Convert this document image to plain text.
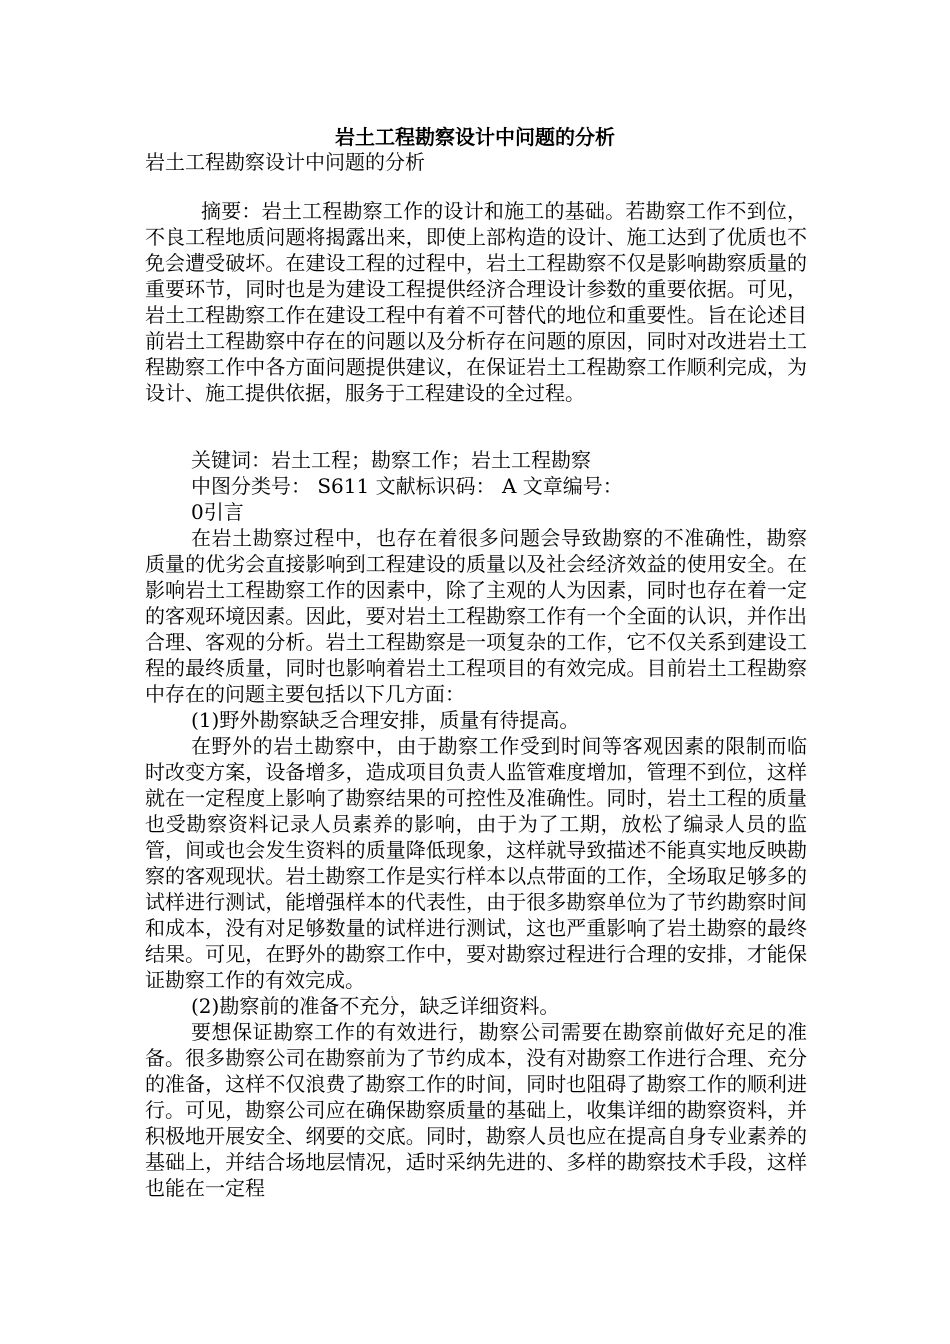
岩土工程勘察设计中问题的分析
岩土工程勘察设计中问题的分析
摘要：岩土工程勘察工作的设计和施工的基础。若勘察工作不到位，不良工程地质问题将揭露出来，即使上部构造的设计、施工达到了优质也不免会遭受破坏。在建设工程的过程中，岩土工程勘察不仅是影响勘察质量的重要环节，同时也是为建设工程提供经济合理设计参数的重要依据。可见，岩土工程勘察工作在建设工程中有着不可替代的地位和重要性。旨在论述目前岩土工程勘察中存在的问题以及分析存在问题的原因，同时对改进岩土工程勘察工作中各方面问题提供建议，在保证岩土工程勘察工作顺利完成，为设计、施工提供依据，服务于工程建设的全过程。

关键词：岩土工程；勘察工作；岩土工程勘察

中图分类号： S611 文献标识码： A 文章编号：

0引言

在岩土勘察过程中，也存在着很多问题会导致勘察的不准确性，勘察质量的优劣会直接影响到工程建设的质量以及社会经济效益的使用安全。在影响岩土工程勘察工作的因素中，除了主观的人为因素，同时也存在着一定的客观环境因素。因此，要对岩土工程勘察工作有一个全面的认识，并作出合理、客观的分析。岩土工程勘察是一项复杂的工作，它不仅关系到建设工程的最终质量，同时也影响着岩土工程项目的有效完成。目前岩土工程勘察中存在的问题主要包括以下几方面：

(1)野外勘察缺乏合理安排，质量有待提高。

在野外的岩土勘察中，由于勘察工作受到时间等客观因素的限制而临时改变方案，设备增多，造成项目负责人监管难度增加，管理不到位，这样就在一定程度上影响了勘察结果的可控性及准确性。同时，岩土工程的质量也受勘察资料记录人员素养的影响，由于为了工期，放松了编录人员的监管，间或也会发生资料的质量降低现象，这样就导致描述不能真实地反映勘察的客观现状。岩土勘察工作是实行样本以点带面的工作，全场取足够多的试样进行测试，能增强样本的代表性，由于很多勘察单位为了节约勘察时间和成本，没有对足够数量的试样进行测试，这也严重影响了岩土勘察的最终结果。可见，在野外的勘察工作中，要对勘察过程进行合理的安排，才能保证勘察工作的有效完成。

(2)勘察前的准备不充分，缺乏详细资料。

要想保证勘察工作的有效进行，勘察公司需要在勘察前做好充足的准备。很多勘察公司在勘察前为了节约成本，没有对勘察工作进行合理、充分的准备，这样不仅浪费了勘察工作的时间，同时也阻碍了勘察工作的顺利进行。可见，勘察公司应在确保勘察质量的基础上，收集详细的勘察资料，并积极地开展安全、纲要的交底。同时，勘察人员也应在提高自身专业素养的基础上，并结合场地层情况，适时采纳先进的、多样的勘察技术手段，这样也能在一定程
